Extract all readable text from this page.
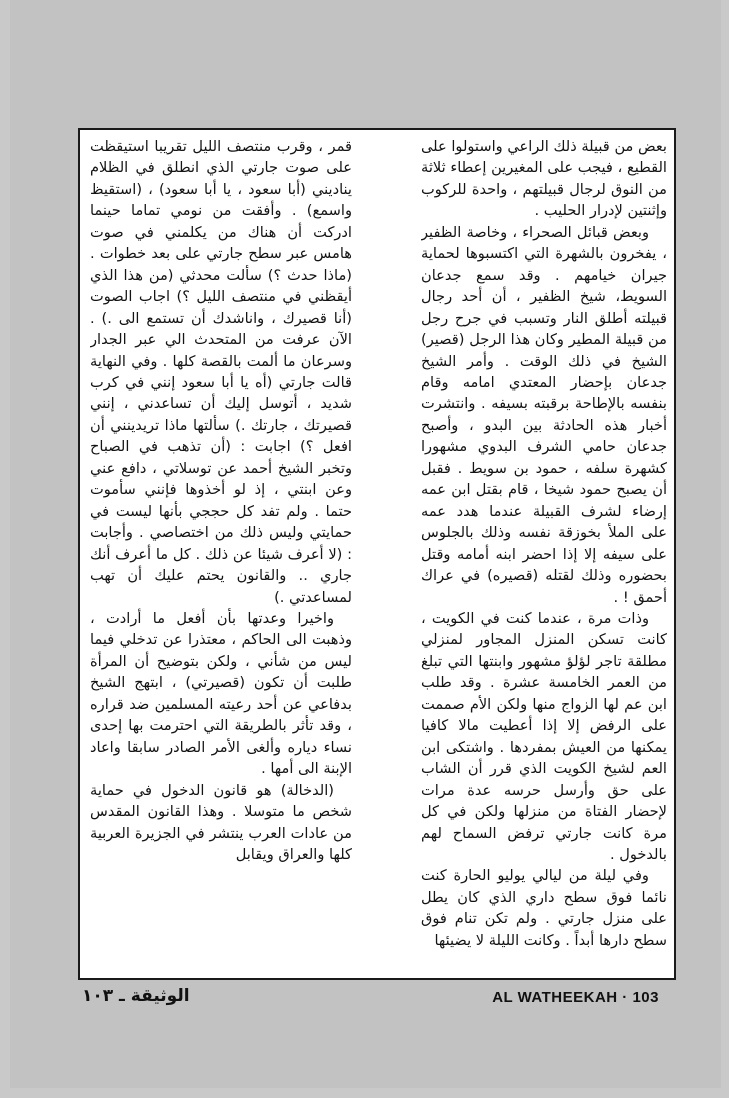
بعض من قبيلة ذلك الراعي واستولوا على القطيع ، فيجب على المغيرين إعطاء ثلاثة من النوق لرجال قبيلتهم ، واحدة للركوب وإثنتين لإدرار الحليب .

وبعض قبائل الصحراء ، وخاصة الظفير ، يفخرون بالشهرة التي اكتسبوها لحماية جيران خيامهم . وقد سمع جدعان السويط، شيخ الظفير ، أن أحد رجال قبيلته أطلق النار وتسبب في جرح رجل من قبيلة المطير وكان هذا الرجل (قصير) الشيخ في ذلك الوقت . وأمر الشيخ جدعان بإحضار المعتدي امامه وقام بنفسه بالإطاحة برقبته بسيفه . وانتشرت أخبار هذه الحادثة بين البدو ، وأصبح جدعان حامي الشرف البدوي مشهورا كشهرة سلفه ، حمود بن سويط . فقبل أن يصبح حمود شيخا ، قام بقتل ابن عمه إرضاء لشرف القبيلة عندما هدد عمه على الملأ بخوزقة نفسه وذلك بالجلوس على سيفه إلا إذا احضر ابنه أمامه وقتل بحضوره وذلك لقتله (قصيره) في عراك أحمق ! .

وذات مرة ، عندما كنت في الكويت ، كانت تسكن المنزل المجاور لمنزلي مطلقة تاجر لؤلؤ مشهور وابنتها التي تبلغ من العمر الخامسة عشرة . وقد طلب ابن عم لها الزواج منها ولكن الأم صممت على الرفض إلا إذا أعطيت مالا كافيا يمكنها من العيش بمفردها . واشتكى ابن العم لشيخ الكويت الذي قرر أن الشاب على حق وأرسل حرسه عدة مرات لإحضار الفتاة من منزلها ولكن في كل مرة كانت جارتي ترفض السماح لهم بالدخول .

وفي ليلة من ليالي يوليو الحارة كنت نائما فوق سطح داري الذي كان يطل على منزل جارتي . ولم تكن تنام فوق سطح دارها أبداً . وكانت الليلة لا يضيئها

قمر ، وقرب منتصف الليل تقريبا استيقظت على صوت جارتي الذي انطلق في الظلام يناديني (أبا سعود ، يا أبا سعود) ، (استقيظ واسمع) . وأفقت من نومي تماما حينما ادركت أن هناك من يكلمني في صوت هامس عبر سطح جارتي على بعد خطوات . (ماذا حدث ؟) سألت محدثي (من هذا الذي أيقظني في منتصف الليل ؟) اجاب الصوت (أنا قصيرك ، واناشدك أن تستمع الى .) . الآن عرفت من المتحدث الي عبر الجدار وسرعان ما ألمت بالقصة كلها . وفي النهاية قالت جارتي (أه يا أبا سعود إنني في كرب شديد ، أتوسل إليك أن تساعدني ، إنني قصيرتك ، جارتك .) سألتها ماذا تريدينني أن افعل ؟) اجابت : (أن تذهب في الصباح وتخبر الشيخ أحمد عن توسلاتي ، دافع عني وعن ابنتي ، إذ لو أخذوها فإنني سأموت حتما . ولم تفد كل حججي بأنها ليست في حمايتي وليس ذلك من اختصاصي . وأجابت : (لا أعرف شيئا عن ذلك . كل ما أعرف أنك جاري .. والقانون يحتم عليك أن تهب لمساعدتي .)

واخيرا وعدتها بأن أفعل ما أرادت ، وذهبت الى الحاكم ، معتذرا عن تدخلي فيما ليس من شأني ، ولكن بتوضيح أن المرأة طلبت أن تكون (قصيرتي) ، ابتهج الشيخ بدفاعي عن أحد رعيته المسلمين ضد قراره ، وقد تأثر بالطريقة التي احترمت بها إحدى نساء دياره وألغى الأمر الصادر سابقا واعاد الإبنة الى أمها .

(الدخالة) هو قانون الدخول في حماية شخص ما متوسلا . وهذا القانون المقدس من عادات العرب ينتشر في الجزيرة العربية كلها والعراق ويقابل

الوثيقة ـ ١٠٣	AL WATHEEKAH · 103
